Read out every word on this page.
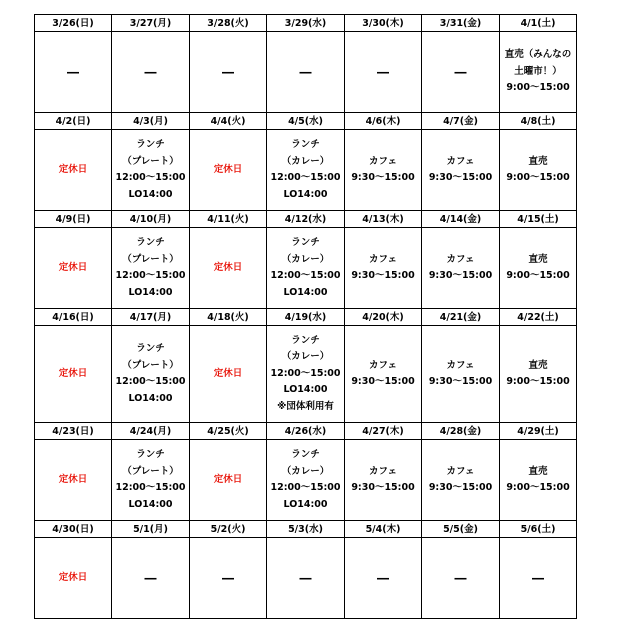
3/26(日)	3/27(月)	3/28(火)	3/29(水)	3/30(木)	3/31(金)	4/1(土)

―	―	―	―	―	―	直売（みんなの
土曜市！）
9:00～15:00

4/2(日)	4/3(月)	4/4(火)	4/5(水)	4/6(木)	4/7(金)	4/8(土)

定休日	ランチ
（プレート）
12:00～15:00
LO14:00	定休日	ランチ
（カレー）
12:00～15:00
LO14:00	カフェ
9:30～15:00	カフェ
9:30～15:00	直売
9:00～15:00

4/9(日)	4/10(月)	4/11(火)	4/12(水)	4/13(木)	4/14(金)	4/15(土)

定休日	ランチ
（プレート）
12:00～15:00
LO14:00	定休日	ランチ
（カレー）
12:00～15:00
LO14:00	カフェ
9:30～15:00	カフェ
9:30～15:00	直売
9:00～15:00

4/16(日)	4/17(月)	4/18(火)	4/19(水)	4/20(木)	4/21(金)	4/22(土)

定休日	ランチ
（プレート）
12:00～15:00
LO14:00	定休日	ランチ
（カレー）
12:00～15:00
LO14:00
※団体利用有	カフェ
9:30～15:00	カフェ
9:30～15:00	直売
9:00～15:00

4/23(日)	4/24(月)	4/25(火)	4/26(水)	4/27(木)	4/28(金)	4/29(土)

定休日	ランチ
（プレート）
12:00～15:00
LO14:00	定休日	ランチ
（カレー）
12:00～15:00
LO14:00	カフェ
9:30～15:00	カフェ
9:30～15:00	直売
9:00～15:00

4/30(日)	5/1(月)	5/2(火)	5/3(水)	5/4(木)	5/5(金)	5/6(土)

定休日	―	―	―	―	―	―
